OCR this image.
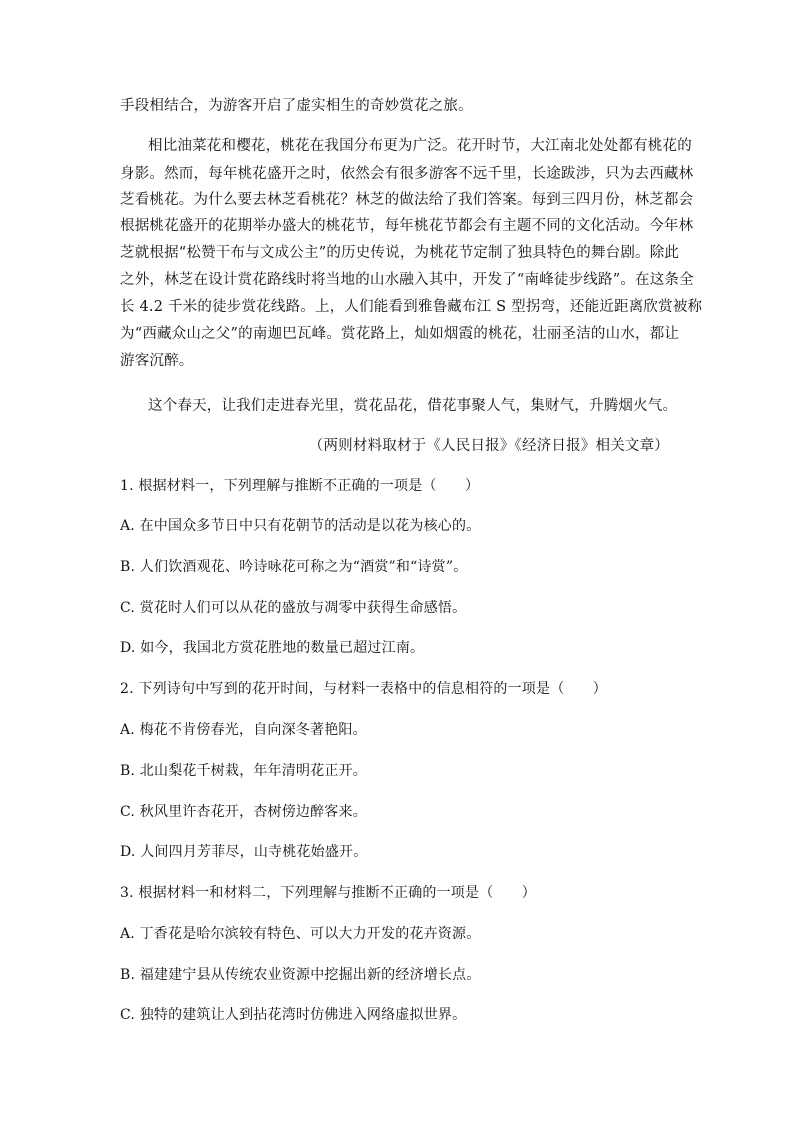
手段相结合，为游客开启了虚实相生的奇妙赏花之旅。
相比油菜花和樱花，桃花在我国分布更为广泛。花开时节，大江南北处处都有桃花的
身影。然而，每年桃花盛开之时，依然会有很多游客不远千里，长途跋涉，只为去西藏林
芝看桃花。为什么要去林芝看桃花？林芝的做法给了我们答案。每到三四月份，林芝都会
根据桃花盛开的花期举办盛大的桃花节，每年桃花节都会有主题不同的文化活动。今年林
芝就根据“松赞干布与文成公主”的历史传说，为桃花节定制了独具特色的舞台剧。除此
之外，林芝在设计赏花路线时将当地的山水融入其中，开发了“南峰徒步线路”。在这条全
长 4.2 千米的徒步赏花线路。上，人们能看到雅鲁藏布江 S 型拐弯，还能近距离欣赏被称
为“西藏众山之父”的南迦巴瓦峰。赏花路上，灿如烟霞的桃花，壮丽圣洁的山水，都让
游客沉醉。
这个春天，让我们走进春光里，赏花品花，借花事聚人气，集财气，升腾烟火气。
（两则材料取材于《人民日报》《经济日报》相关文章）
1. 根据材料一，下列理解与推断不正确的一项是（　　）
A. 在中国众多节日中只有花朝节的活动是以花为核心的。
B. 人们饮酒观花、吟诗咏花可称之为“酒赏”和“诗赏”。
C. 赏花时人们可以从花的盛放与凋零中获得生命感悟。
D. 如今，我国北方赏花胜地的数量已超过江南。
2. 下列诗句中写到的花开时间，与材料一表格中的信息相符的一项是（　　）
A. 梅花不肯傍春光，自向深冬著艳阳。
B. 北山梨花千树栽，年年清明花正开。
C. 秋风里许杏花开，杏树傍边醉客来。
D. 人间四月芳菲尽，山寺桃花始盛开。
3. 根据材料一和材料二，下列理解与推断不正确的一项是（　　）
A. 丁香花是哈尔滨较有特色、可以大力开发的花卉资源。
B. 福建建宁县从传统农业资源中挖掘出新的经济增长点。
C. 独特的建筑让人到拈花湾时仿佛进入网络虚拟世界。
